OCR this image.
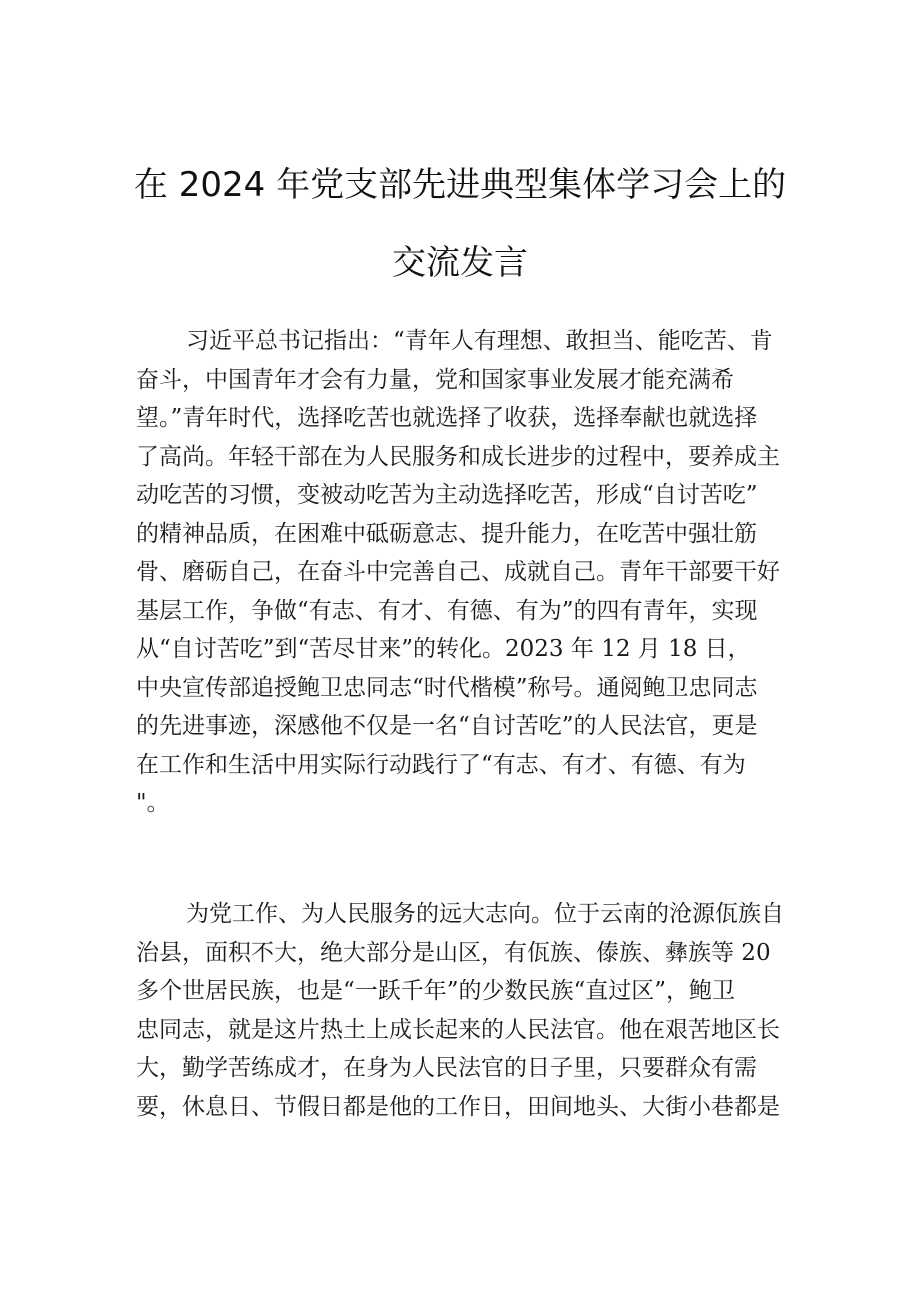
在 2024 年党支部先进典型集体学习会上的
交流发言
习近平总书记指出：“青年人有理想、敢担当、能吃苦、肯
奋斗，中国青年才会有力量，党和国家事业发展才能充满希
望。”青年时代，选择吃苦也就选择了收获，选择奉献也就选择
了高尚。年轻干部在为人民服务和成长进步的过程中，要养成主
动吃苦的习惯，变被动吃苦为主动选择吃苦，形成“自讨苦吃”
的精神品质，在困难中砥砺意志、提升能力，在吃苦中强壮筋
骨、磨砺自己，在奋斗中完善自己、成就自己。青年干部要干好
基层工作，争做“有志、有才、有德、有为”的四有青年，实现
从“自讨苦吃”到“苦尽甘来”的转化。2023 年 12 月 18 日，
中央宣传部追授鲍卫忠同志“时代楷模”称号。通阅鲍卫忠同志
的先进事迹，深感他不仅是一名“自讨苦吃”的人民法官，更是
在工作和生活中用实际行动践行了“有志、有才、有德、有为
"。
为党工作、为人民服务的远大志向。位于云南的沧源佤族自
治县，面积不大，绝大部分是山区，有佤族、傣族、彝族等 20
多个世居民族，也是“一跃千年”的少数民族“直过区”，鲍卫
忠同志，就是这片热土上成长起来的人民法官。他在艰苦地区长
大，勤学苦练成才，在身为人民法官的日子里，只要群众有需
要，休息日、节假日都是他的工作日，田间地头、大街小巷都是
